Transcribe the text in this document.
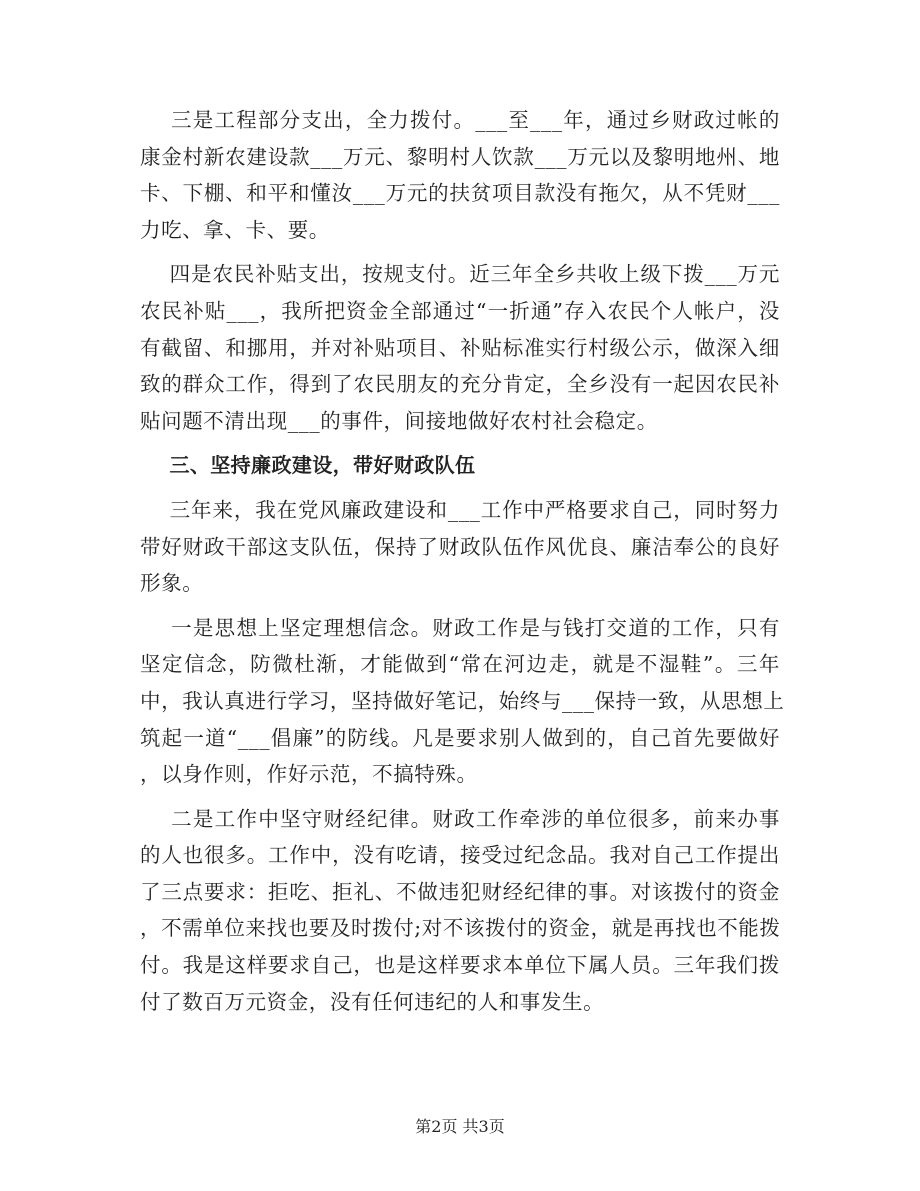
三是工程部分支出，全力拨付。___至___年，通过乡财政过帐的
康金村新农建设款___万元、黎明村人饮款___万元以及黎明地州、地
卡、下棚、和平和懂汝___万元的扶贫项目款没有拖欠，从不凭财___
力吃、拿、卡、要。
四是农民补贴支出，按规支付。近三年全乡共收上级下拨___万元
农民补贴___，我所把资金全部通过“一折通”存入农民个人帐户，没
有截留、和挪用，并对补贴项目、补贴标准实行村级公示，做深入细
致的群众工作，得到了农民朋友的充分肯定，全乡没有一起因农民补
贴问题不清出现___的事件，间接地做好农村社会稳定。
三、坚持廉政建设，带好财政队伍
三年来，我在党风廉政建设和___工作中严格要求自己，同时努力
带好财政干部这支队伍，保持了财政队伍作风优良、廉洁奉公的良好
形象。
一是思想上坚定理想信念。财政工作是与钱打交道的工作，只有
坚定信念，防微杜渐，才能做到“常在河边走，就是不湿鞋”。三年
中，我认真进行学习，坚持做好笔记，始终与___保持一致，从思想上
筑起一道“___倡廉”的防线。凡是要求别人做到的，自己首先要做好
，以身作则，作好示范，不搞特殊。
二是工作中坚守财经纪律。财政工作牵涉的单位很多，前来办事
的人也很多。工作中，没有吃请，接受过纪念品。我对自己工作提出
了三点要求：拒吃、拒礼、不做违犯财经纪律的事。对该拨付的资金
，不需单位来找也要及时拨付;对不该拨付的资金，就是再找也不能拨
付。我是这样要求自己，也是这样要求本单位下属人员。三年我们拨
付了数百万元资金，没有任何违纪的人和事发生。
第2页 共3页
